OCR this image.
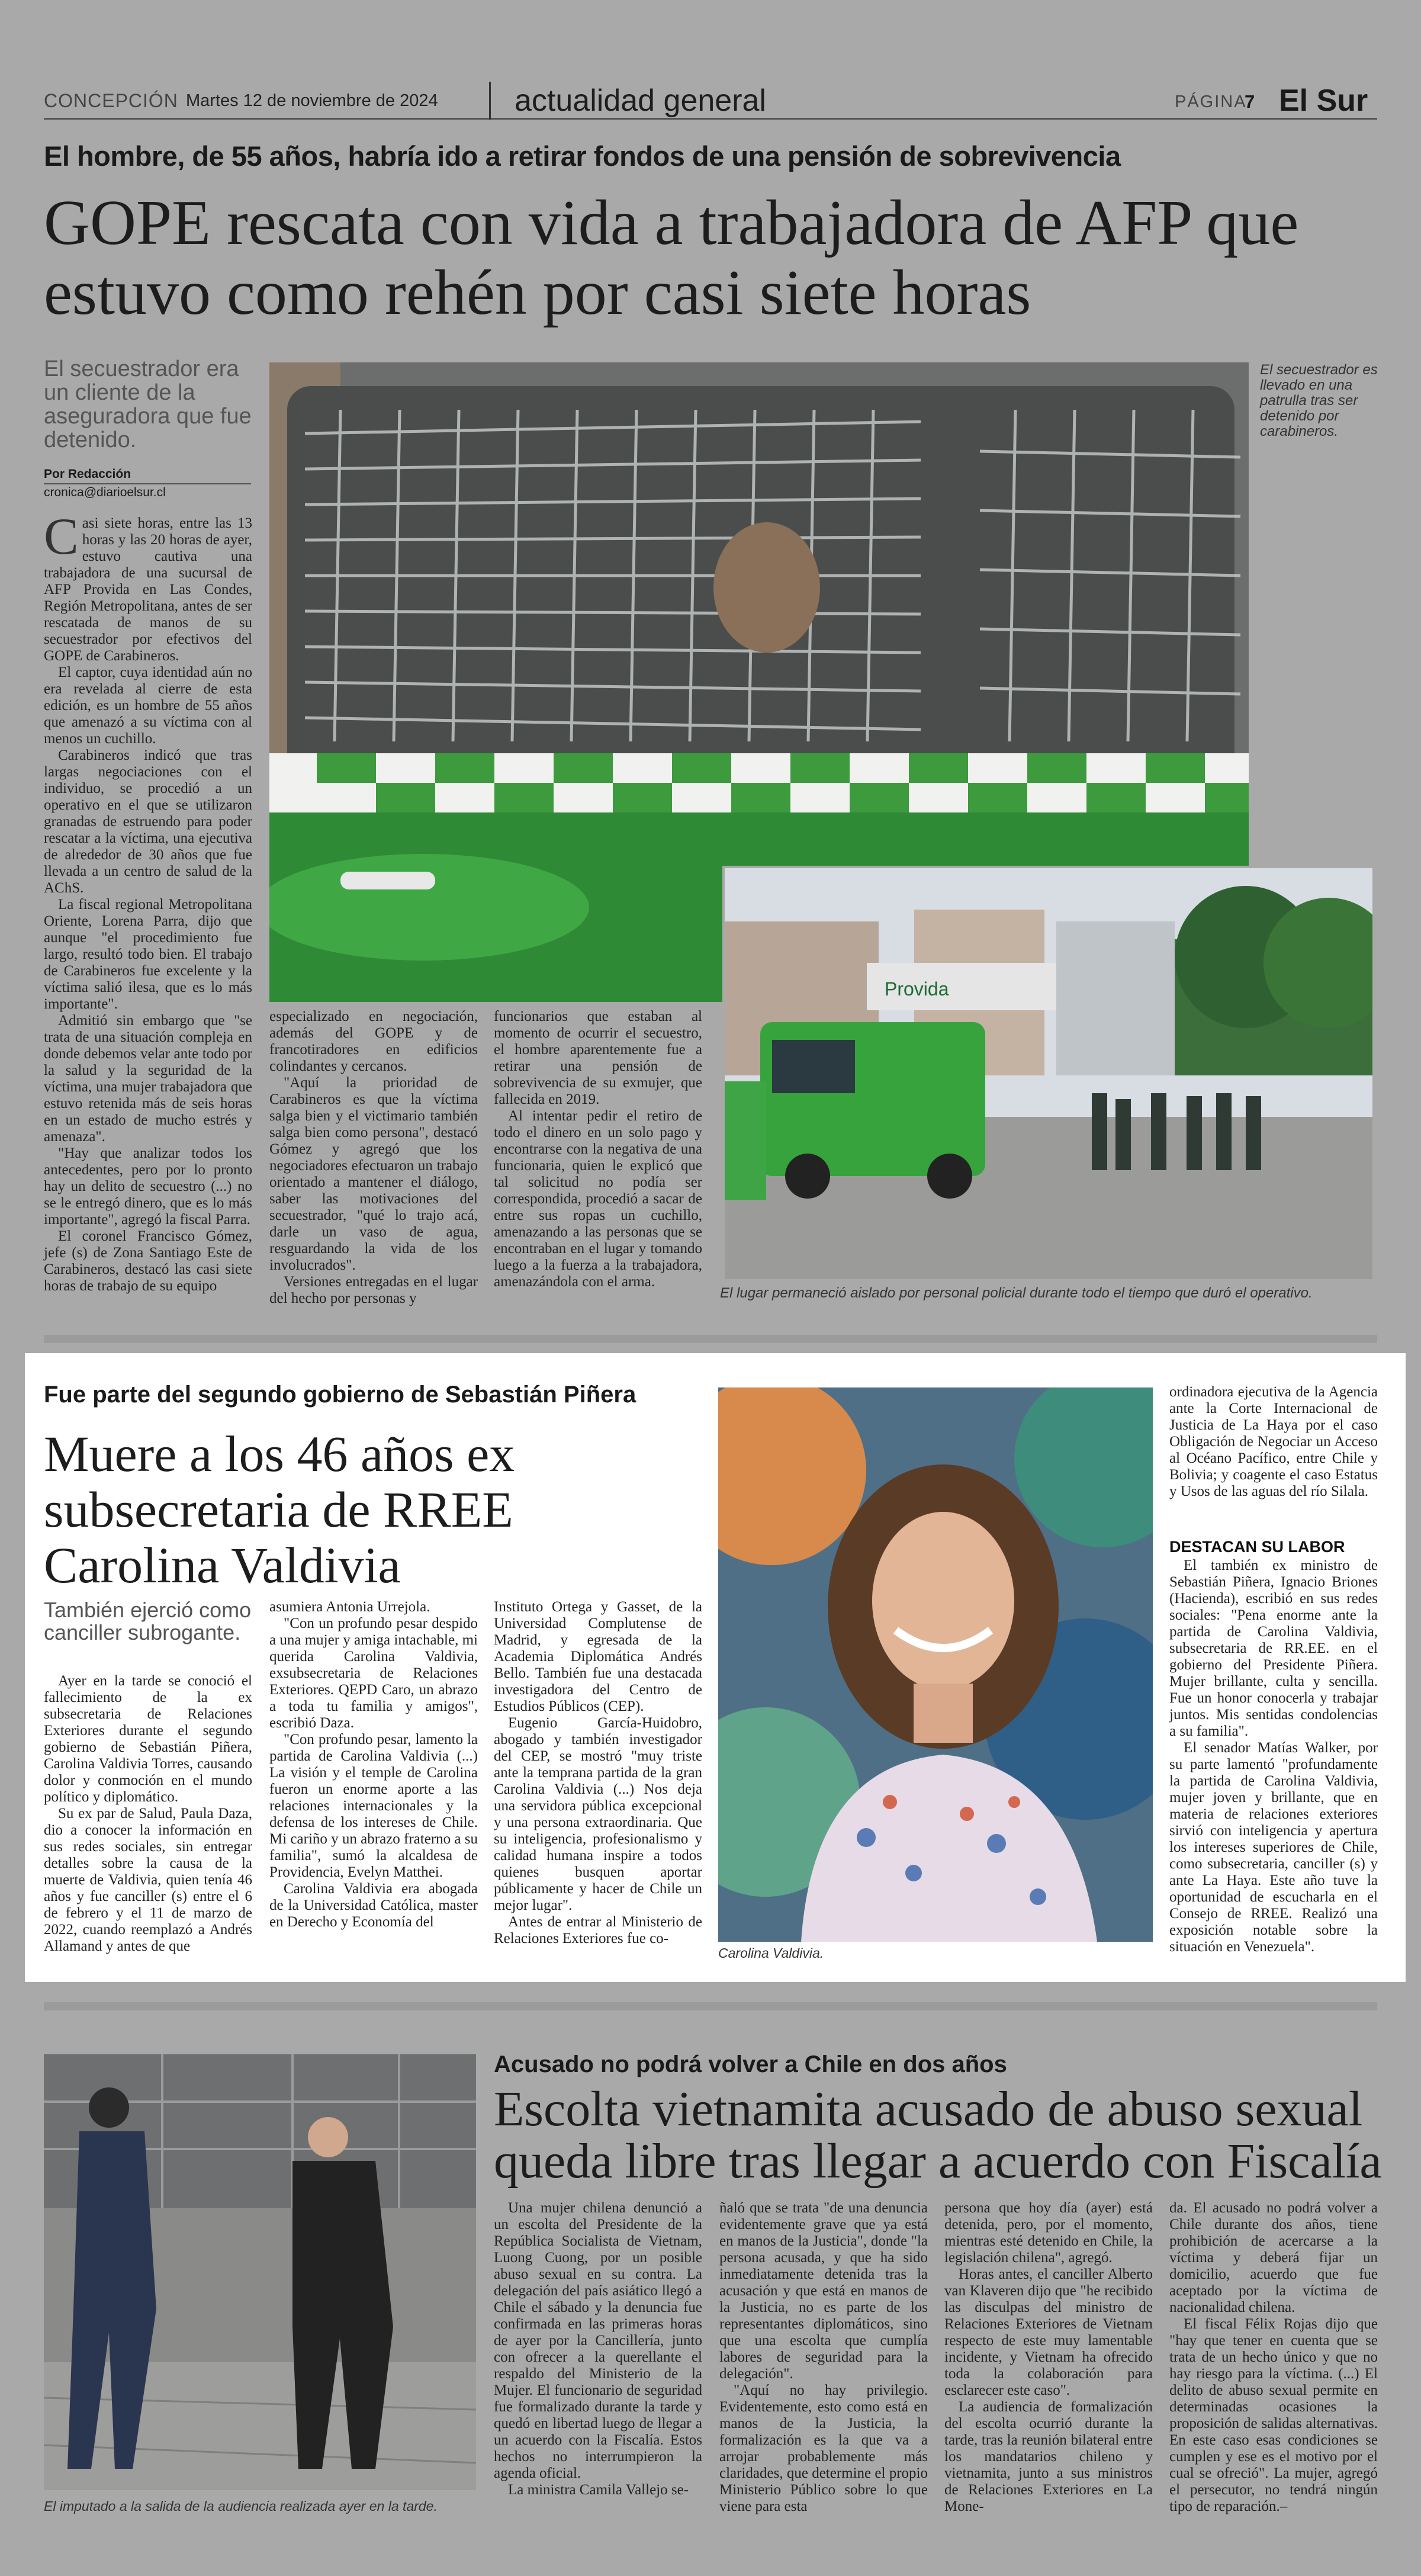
CONCEPCIÓN Martes 12 de noviembre de 2024 actualidad general	PÁGINA
7 El Sur
El hombre, de 55 años, habría ido a retirar fondos de una pensión de sobrevivencia
GOPE rescata con vida a trabajadora de AFP que estuvo como rehén por casi siete horas
El secuestrador era un cliente de la aseguradora que fue detenido.
Por Redacción
cronica@diarioelsur.cl

Casi siete horas, entre las 13 horas y las 20 horas de ayer, estuvo cautiva una trabajadora de una sucursal de AFP Provida en Las Condes, Región Metropolitana, antes de ser rescatada de manos de su secuestrador por efectivos del GOPE de Carabineros.

El captor, cuya identidad aún no era revelada al cierre de esta edición, es un hombre de 55 años que amenazó a su víctima con al menos un cuchillo.

Carabineros indicó que tras largas negociaciones con el individuo, se procedió a un operativo en el que se utilizaron granadas de estruendo para poder rescatar a la víctima, una ejecutiva de alrededor de 30 años que fue llevada a un centro de salud de la AChS.

La fiscal regional Metropolitana Oriente, Lorena Parra, dijo que aunque "el procedimiento fue largo, resultó todo bien. El trabajo de Carabineros fue excelente y la víctima salió ilesa, que es lo más importante".

Admitió sin embargo que "se trata de una situación compleja en donde debemos velar ante todo por la salud y la seguridad de la víctima, una mujer trabajadora que estuvo retenida más de seis horas en un estado de mucho estrés y amenaza".

"Hay que analizar todos los antecedentes, pero por lo pronto hay un delito de secuestro (...) no se le entregó dinero, que es lo más importante", agregó la fiscal Parra.

El coronel Francisco Gómez, jefe (s) de Zona Santiago Este de Carabineros, destacó las casi siete horas de trabajo de su equipo

especializado en negociación, además del GOPE y de francotiradores en edificios colindantes y cercanos.

"Aquí la prioridad de Carabineros es que la víctima salga bien y el victimario también salga bien como persona", destacó Gómez y agregó que los negociadores efectuaron un trabajo orientado a mantener el diálogo, saber las motivaciones del secuestrador, "qué lo trajo acá, darle un vaso de agua, resguardando la vida de los involucrados".

Versiones entregadas en el lugar del hecho por personas y

funcionarios que estaban al momento de ocurrir el secuestro, el hombre aparentemente fue a retirar una pensión de sobrevivencia de su exmujer, que fallecida en 2019.

Al intentar pedir el retiro de todo el dinero en un solo pago y encontrarse con la negativa de una funcionaria, quien le explicó que tal solicitud no podía ser correspondida, procedió a sacar de entre sus ropas un cuchillo, amenazando a las personas que se encontraban en el lugar y tomando luego a la fuerza a la trabajadora, amenazándola con el arma.

El secuestrador es llevado en una patrulla tras ser detenido por carabineros.
Provida
El lugar permaneció aislado por personal policial durante todo el tiempo que duró el operativo.
Fue parte del segundo gobierno de Sebastián Piñera
Muere a los 46 años ex subsecretaria de RREE Carolina Valdivia
También ejerció como canciller subrogante.

Ayer en la tarde se conoció el fallecimiento de la ex subsecretaria de Relaciones Exteriores durante el segundo gobierno de Sebastián Piñera, Carolina Valdivia Torres, causando dolor y conmoción en el mundo político y diplomático.

Su ex par de Salud, Paula Daza, dio a conocer la información en sus redes sociales, sin entregar detalles sobre la causa de la muerte de Valdivia, quien tenía 46 años y fue canciller (s) entre el 6 de febrero y el 11 de marzo de 2022, cuando reemplazó a Andrés Allamand y antes de que

asumiera Antonia Urrejola.

"Con un profundo pesar despido a una mujer y amiga intachable, mi querida Carolina Valdivia, exsubsecretaria de Relaciones Exteriores. QEPD Caro, un abrazo a toda tu familia y amigos", escribió Daza.

"Con profundo pesar, lamento la partida de Carolina Valdivia (...) La visión y el temple de Carolina fueron un enorme aporte a las relaciones internacionales y la defensa de los intereses de Chile. Mi cariño y un abrazo fraterno a su familia", sumó la alcaldesa de Providencia, Evelyn Matthei.

Carolina Valdivia era abogada de la Universidad Católica, master en Derecho y Economía del

Instituto Ortega y Gasset, de la Universidad Complutense de Madrid, y egresada de la Academia Diplomática Andrés Bello. También fue una destacada investigadora del Centro de Estudios Públicos (CEP).

Eugenio García-Huidobro, abogado y también investigador del CEP, se mostró "muy triste ante la temprana partida de la gran Carolina Valdivia (...) Nos deja una servidora pública excepcional y una persona extraordinaria. Que su inteligencia, profesionalismo y calidad humana inspire a todos quienes busquen aportar públicamente y hacer de Chile un mejor lugar".

Antes de entrar al Ministerio de Relaciones Exteriores fue co-

Carolina Valdivia.

ordinadora ejecutiva de la Agencia ante la Corte Internacional de Justicia de La Haya por el caso Obligación de Negociar un Acceso al Océano Pacífico, entre Chile y Bolivia; y coagente el caso Estatus y Usos de las aguas del río Silala.

DESTACAN SU LABOR

El también ex ministro de Sebastián Piñera, Ignacio Briones (Hacienda), escribió en sus redes sociales: "Pena enorme ante la partida de Carolina Valdivia, subsecretaria de RR.EE. en el gobierno del Presidente Piñera. Mujer brillante, culta y sencilla. Fue un honor conocerla y trabajar juntos. Mis sentidas condolencias a su familia".

El senador Matías Walker, por su parte lamentó "profundamente la partida de Carolina Valdivia, mujer joven y brillante, que en materia de relaciones exteriores sirvió con inteligencia y apertura los intereses superiores de Chile, como subsecretaria, canciller (s) y ante La Haya. Este año tuve la oportunidad de escucharla en el Consejo de RREE. Realizó una exposición notable sobre la situación en Venezuela".

El imputado a la salida de la audiencia realizada ayer en la tarde.
Acusado no podrá volver a Chile en dos años
Escolta vietnamita acusado de abuso sexual queda libre tras llegar a acuerdo con Fiscalía

Una mujer chilena denunció a un escolta del Presidente de la República Socialista de Vietnam, Luong Cuong, por un posible abuso sexual en su contra. La delegación del país asiático llegó a Chile el sábado y la denuncia fue confirmada en las primeras horas de ayer por la Cancillería, junto con ofrecer a la querellante el respaldo del Ministerio de la Mujer. El funcionario de seguridad fue formalizado durante la tarde y quedó en libertad luego de llegar a un acuerdo con la Fiscalía. Estos hechos no interrumpieron la agenda oficial.

La ministra Camila Vallejo se-

ñaló que se trata "de una denuncia evidentemente grave que ya está en manos de la Justicia", donde "la persona acusada, y que ha sido inmediatamente detenida tras la acusación y que está en manos de la Justicia, no es parte de los representantes diplomáticos, sino que una escolta que cumplía labores de seguridad para la delegación".

"Aquí no hay privilegio. Evidentemente, esto como está en manos de la Justicia, la formalización es la que va a arrojar probablemente más claridades, que determine el propio Ministerio Público sobre lo que viene para esta

persona que hoy día (ayer) está detenida, pero, por el momento, mientras esté detenido en Chile, la legislación chilena", agregó.

Horas antes, el canciller Alberto van Klaveren dijo que "he recibido las disculpas del ministro de Relaciones Exteriores de Vietnam respecto de este muy lamentable incidente, y Vietnam ha ofrecido toda la colaboración para esclarecer este caso".

La audiencia de formalización del escolta ocurrió durante la tarde, tras la reunión bilateral entre los mandatarios chileno y vietnamita, junto a sus ministros de Relaciones Exteriores en La Mone-

da. El acusado no podrá volver a Chile durante dos años, tiene prohibición de acercarse a la víctima y deberá fijar un domicilio, acuerdo que fue aceptado por la víctima de nacionalidad chilena.

El fiscal Félix Rojas dijo que "hay que tener en cuenta que se trata de un hecho único y que no hay riesgo para la víctima. (...) El delito de abuso sexual permite en determinadas ocasiones la proposición de salidas alternativas. En este caso esas condiciones se cumplen y ese es el motivo por el cual se ofreció". La mujer, agregó el persecutor, no tendrá ningún tipo de reparación.–
